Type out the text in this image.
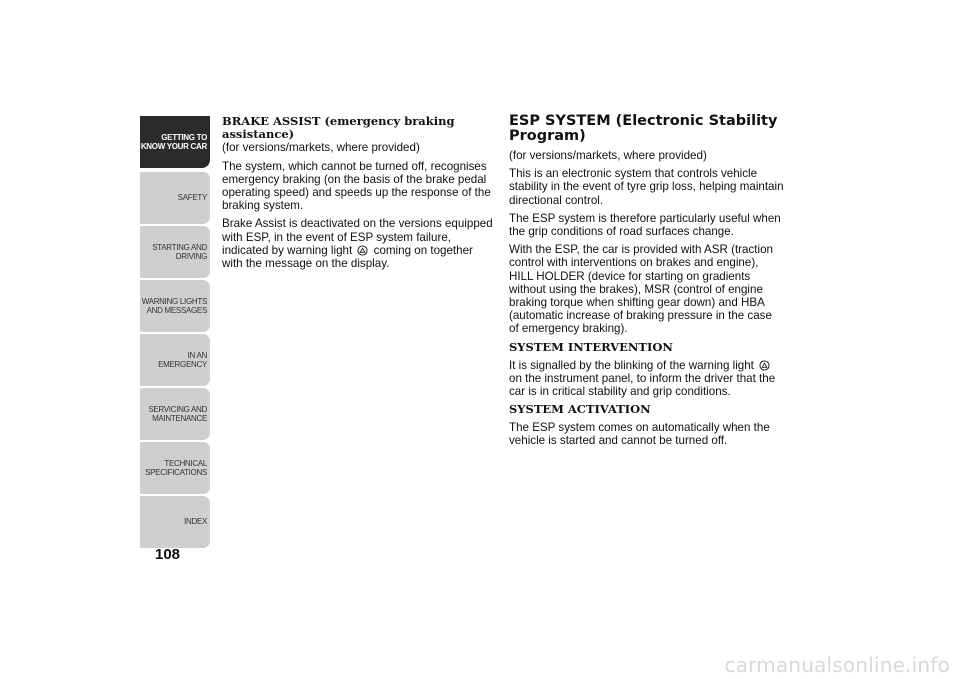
GETTING TO
KNOW YOUR CAR
SAFETY
STARTING AND
DRIVING
WARNING LIGHTS
AND MESSAGES
IN AN EMERGENCY
SERVICING AND
MAINTENANCE
TECHNICAL
SPECIFICATIONS
INDEX
108

BRAKE ASSIST (emergency braking assistance)

(for versions/markets, where provided)

The system, which cannot be turned off, recognises emergency braking (on the basis of the brake pedal operating speed) and speeds up the response of the braking system.

Brake Assist is deactivated on the versions equipped with ESP, in the event of ESP system failure, indicated by warning light coming on together with the message on the display.

ESP SYSTEM (Electronic Stability Program)

(for versions/markets, where provided)

This is an electronic system that controls vehicle stability in the event of tyre grip loss, helping maintain directional control.

The ESP system is therefore particularly useful when the grip conditions of road surfaces change.

With the ESP, the car is provided with ASR (traction control with interventions on brakes and engine), HILL HOLDER (device for starting on gradients without using the brakes), MSR (control of engine braking torque when shifting gear down) and HBA (automatic increase of braking pressure in the case of emergency braking).

SYSTEM INTERVENTION

It is signalled by the blinking of the warning light  on the instrument panel, to inform the driver that the car is in critical stability and grip conditions.

SYSTEM ACTIVATION

The ESP system comes on automatically when the vehicle is started and cannot be turned off.

carmanualsonline.info
